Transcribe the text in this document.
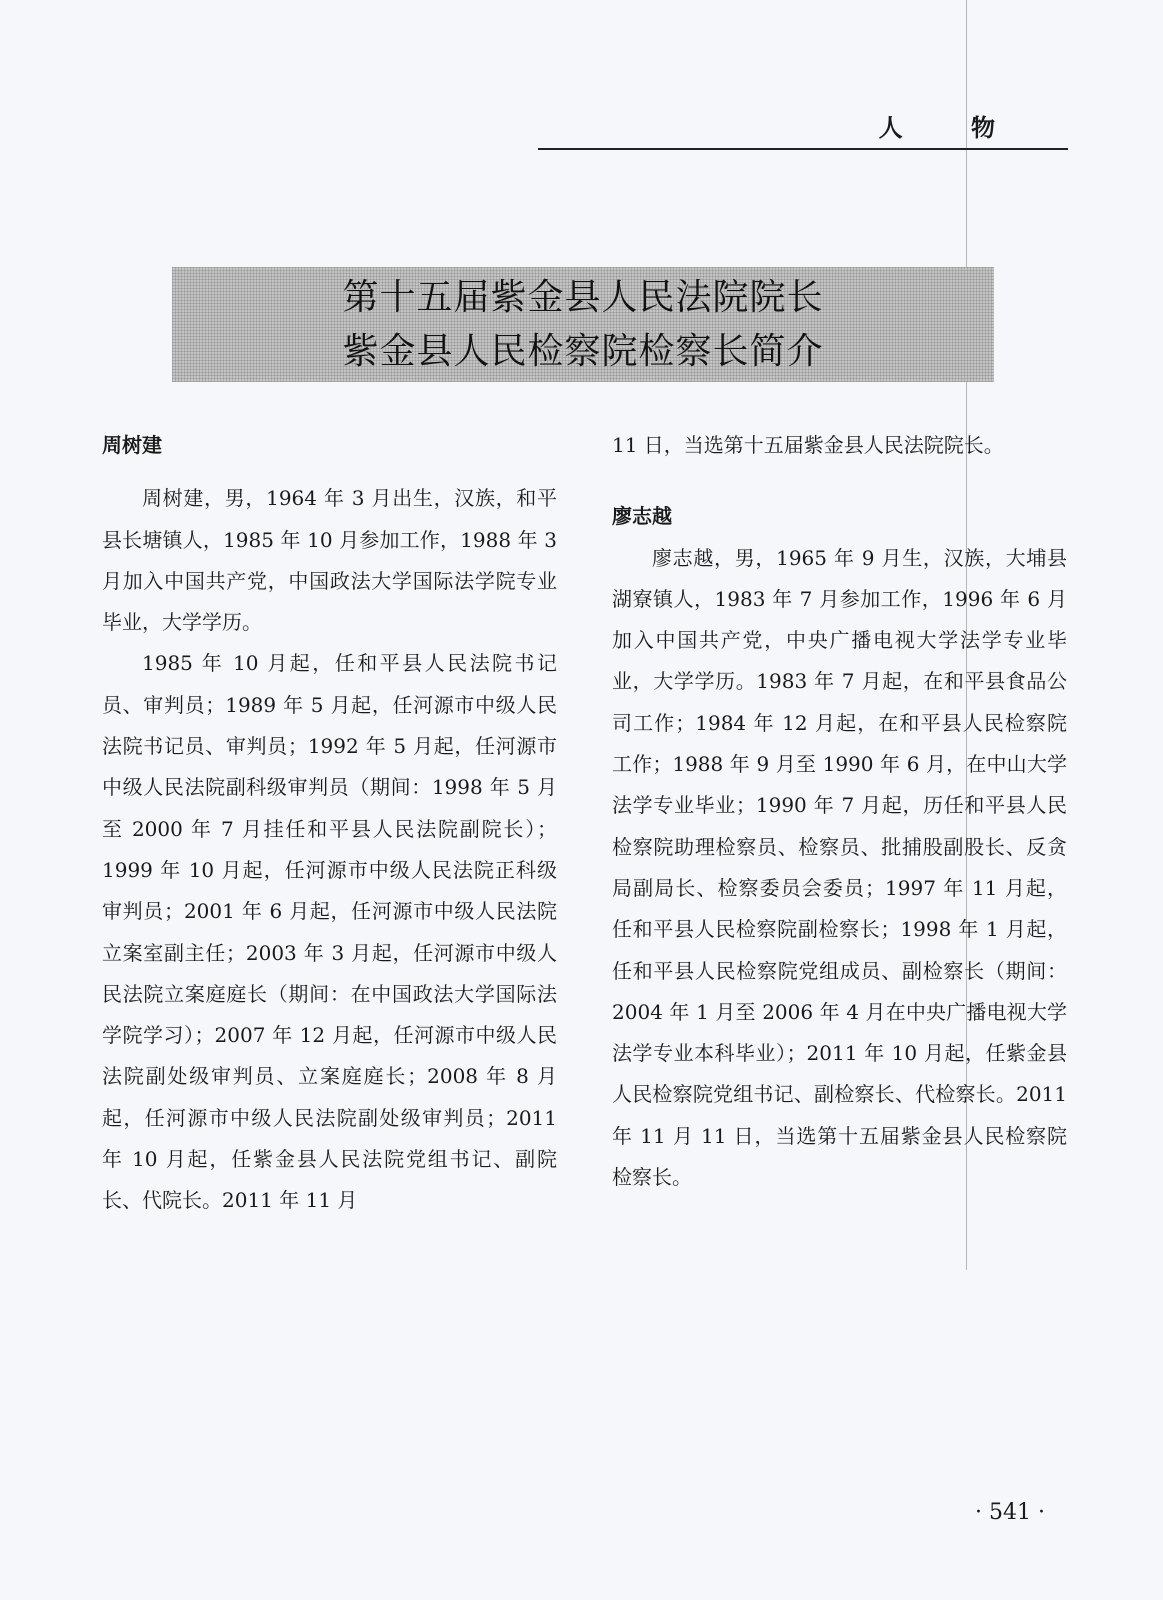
人 物

第十五届紫金县人民法院院长
紫金县人民检察院检察长简介
周树建

周树建，男，1964 年 3 月出生，汉族，和平县长塘镇人，1985 年 10 月参加工作，1988 年 3 月加入中国共产党，中国政法大学国际法学院专业毕业，大学学历。

1985 年 10 月起，任和平县人民法院书记员、审判员；1989 年 5 月起，任河源市中级人民法院书记员、审判员；1992 年 5 月起，任河源市中级人民法院副科级审判员（期间：1998 年 5 月至 2000 年 7 月挂任和平县人民法院副院长）；1999 年 10 月起，任河源市中级人民法院正科级审判员；2001 年 6 月起，任河源市中级人民法院立案室副主任；2003 年 3 月起，任河源市中级人民法院立案庭庭长（期间：在中国政法大学国际法学院学习）；2007 年 12 月起，任河源市中级人民法院副处级审判员、立案庭庭长；2008 年 8 月起，任河源市中级人民法院副处级审判员；2011 年 10 月起，任紫金县人民法院党组书记、副院长、代院长。2011 年 11 月

11 日，当选第十五届紫金县人民法院院长。

廖志越

廖志越，男，1965 年 9 月生，汉族，大埔县湖寮镇人，1983 年 7 月参加工作，1996 年 6 月加入中国共产党，中央广播电视大学法学专业毕业，大学学历。1983 年 7 月起，在和平县食品公司工作；1984 年 12 月起，在和平县人民检察院工作；1988 年 9 月至 1990 年 6 月，在中山大学法学专业毕业；1990 年 7 月起，历任和平县人民检察院助理检察员、检察员、批捕股副股长、反贪局副局长、检察委员会委员；1997 年 11 月起，任和平县人民检察院副检察长；1998 年 1 月起，任和平县人民检察院党组成员、副检察长（期间：2004 年 1 月至 2006 年 4 月在中央广播电视大学法学专业本科毕业）；2011 年 10 月起，任紫金县人民检察院党组书记、副检察长、代检察长。2011 年 11 月 11 日，当选第十五届紫金县人民检察院检察长。

· 541 ·
